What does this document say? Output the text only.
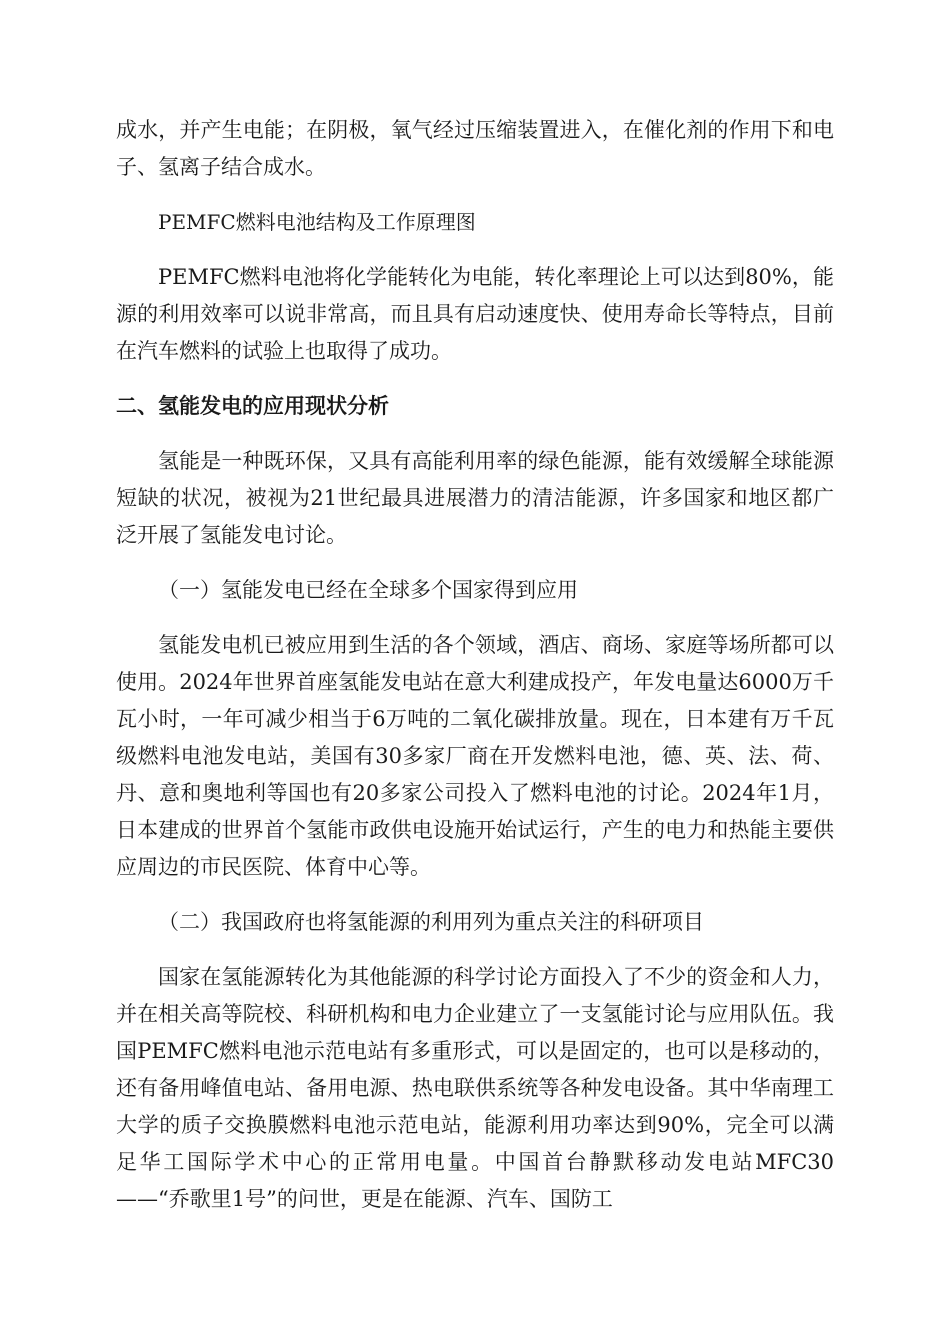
成水，并产生电能；在阴极，氧气经过压缩装置进入，在催化剂的作用下和电子、氢离子结合成水。

PEMFC燃料电池结构及工作原理图

PEMFC燃料电池将化学能转化为电能，转化率理论上可以达到80%，能源的利用效率可以说非常高，而且具有启动速度快、使用寿命长等特点，目前在汽车燃料的试验上也取得了成功。

二、氢能发电的应用现状分析

氢能是一种既环保，又具有高能利用率的绿色能源，能有效缓解全球能源短缺的状况，被视为21世纪最具进展潜力的清洁能源，许多国家和地区都广泛开展了氢能发电讨论。

（一）氢能发电已经在全球多个国家得到应用

氢能发电机已被应用到生活的各个领域，酒店、商场、家庭等场所都可以使用。2024年世界首座氢能发电站在意大利建成投产，年发电量达6000万千瓦小时，一年可减少相当于6万吨的二氧化碳排放量。现在，日本建有万千瓦级燃料电池发电站，美国有30多家厂商在开发燃料电池，德、英、法、荷、丹、意和奥地利等国也有20多家公司投入了燃料电池的讨论。2024年1月，日本建成的世界首个氢能市政供电设施开始试运行，产生的电力和热能主要供应周边的市民医院、体育中心等。

（二）我国政府也将氢能源的利用列为重点关注的科研项目

国家在氢能源转化为其他能源的科学讨论方面投入了不少的资金和人力，并在相关高等院校、科研机构和电力企业建立了一支氢能讨论与应用队伍。我国PEMFC燃料电池示范电站有多重形式，可以是固定的，也可以是移动的，还有备用峰值电站、备用电源、热电联供系统等各种发电设备。其中华南理工大学的质子交换膜燃料电池示范电站，能源利用功率达到90%，完全可以满足华工国际学术中心的正常用电量。中国首台静默移动发电站MFC30——“乔歌里1号”的问世，更是在能源、汽车、国防工
